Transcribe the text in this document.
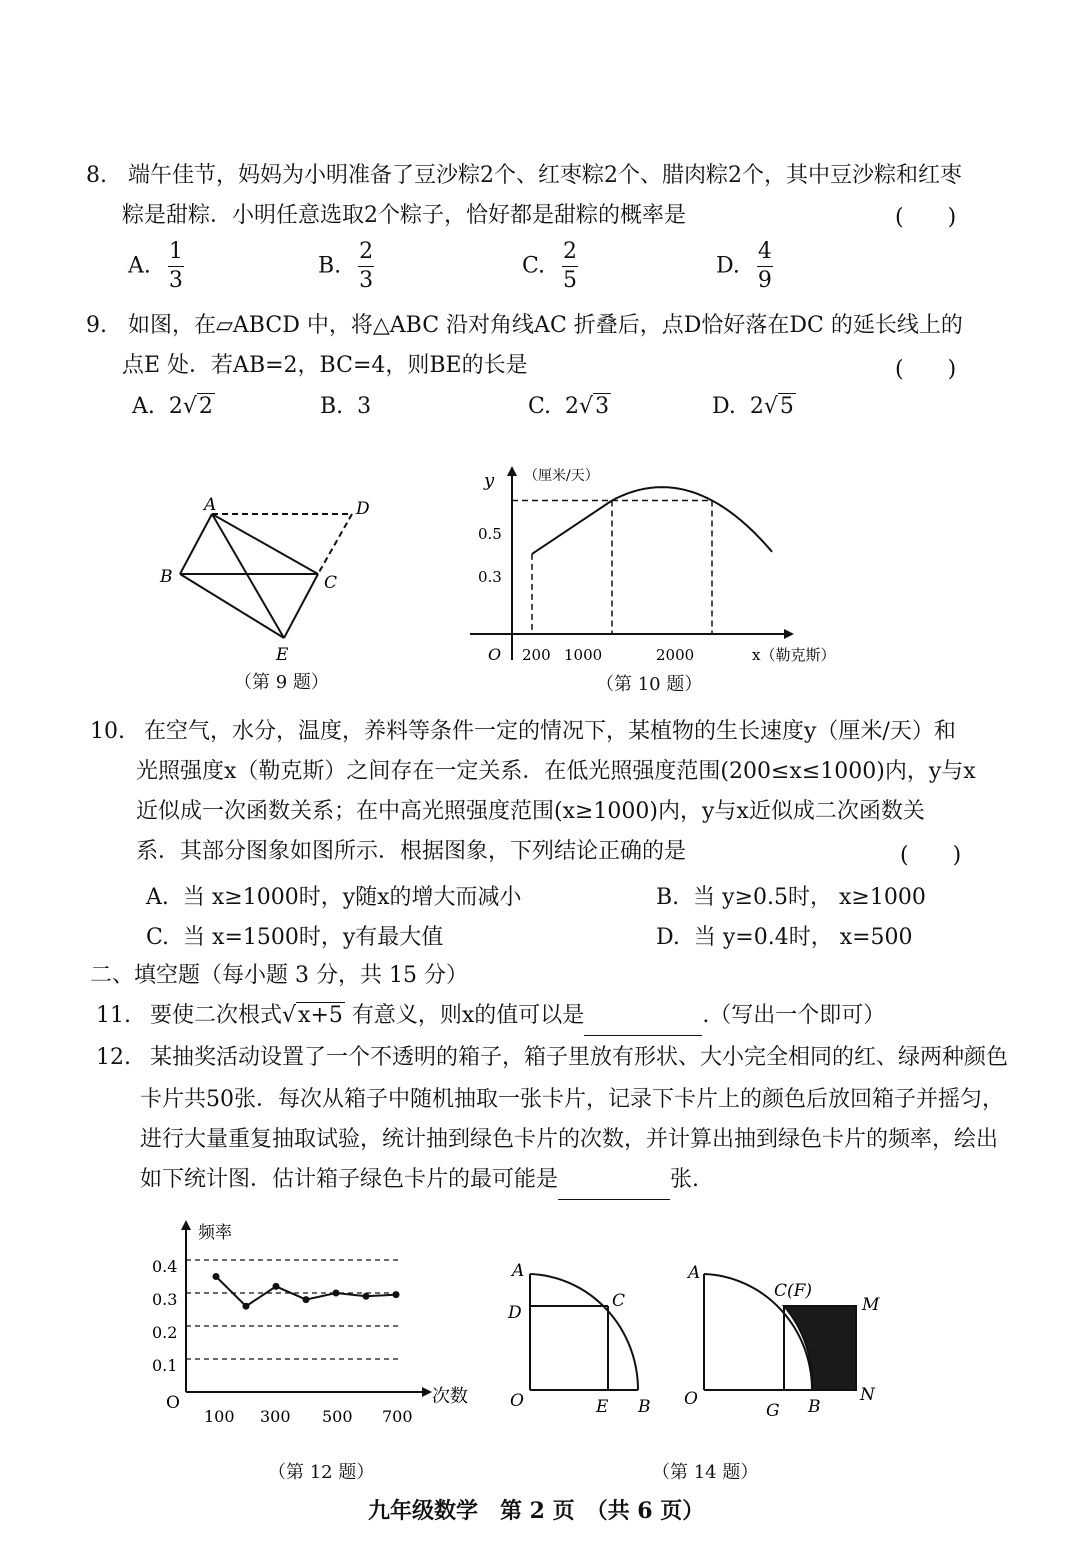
8. 端午佳节，妈妈为小明准备了豆沙粽2个、红枣粽2个、腊肉粽2个，其中豆沙粽和红枣
粽是甜粽．小明任意选取2个粽子，恰好都是甜粽的概率是	(　　)
A. $\frac{1}{3}$	B. $\frac{2}{3}$	C. $\frac{2}{5}$	D. $\frac{4}{9}$
9. 如图，在▱ABCD 中，将△ABC 沿对角线AC 折叠后，点D恰好落在DC 的延长线上的
点E 处．若AB=2，BC=4，则BE的长是	(　　)
A. 2√2	B. 3	C. 2√3	D. 2√5
A	D
B	C
E
（第 9 题）
y （厘米/天）
x（勒克斯）
O
0.5
0.3
200 1000	2000
（第 10 题）
10. 在空气，水分，温度，养料等条件一定的情况下，某植物的生长速度y（厘米/天）和
光照强度x（勒克斯）之间存在一定关系．在低光照强度范围(200≤x≤1000)内，y与x
近似成一次函数关系；在中高光照强度范围(x≥1000)内，y与x近似成二次函数关
系．其部分图象如图所示．根据图象，下列结论正确的是	(　　)
A. 当 x≥1000时，y随x的增大而减小	B. 当 y≥0.5时， x≥1000
C. 当 x=1500时，y有最大值	D. 当 y=0.4时， x=500
二、填空题（每小题 3 分，共 15 分）
11. 要使二次根式√x+5 有意义，则x的值可以是	.（写出一个即可）
12. 某抽奖活动设置了一个不透明的箱子，箱子里放有形状、大小完全相同的红、绿两种颜色
卡片共50张．每次从箱子中随机抽取一张卡片，记录下卡片上的颜色后放回箱子并摇匀，
进行大量重复抽取试验，统计抽到绿色卡片的次数，并计算出抽到绿色卡片的频率，绘出
如下统计图．估计箱子绿色卡片的最可能是	张.
频率
次数
O
0.4
0.3
0.2
0.1
100 300 500 700
（第 12 题）
A
D
C
O	E B
A
C(F)
M
O
G B
N
（第 14 题）
九年级数学　第 2 页　（共 6 页）
